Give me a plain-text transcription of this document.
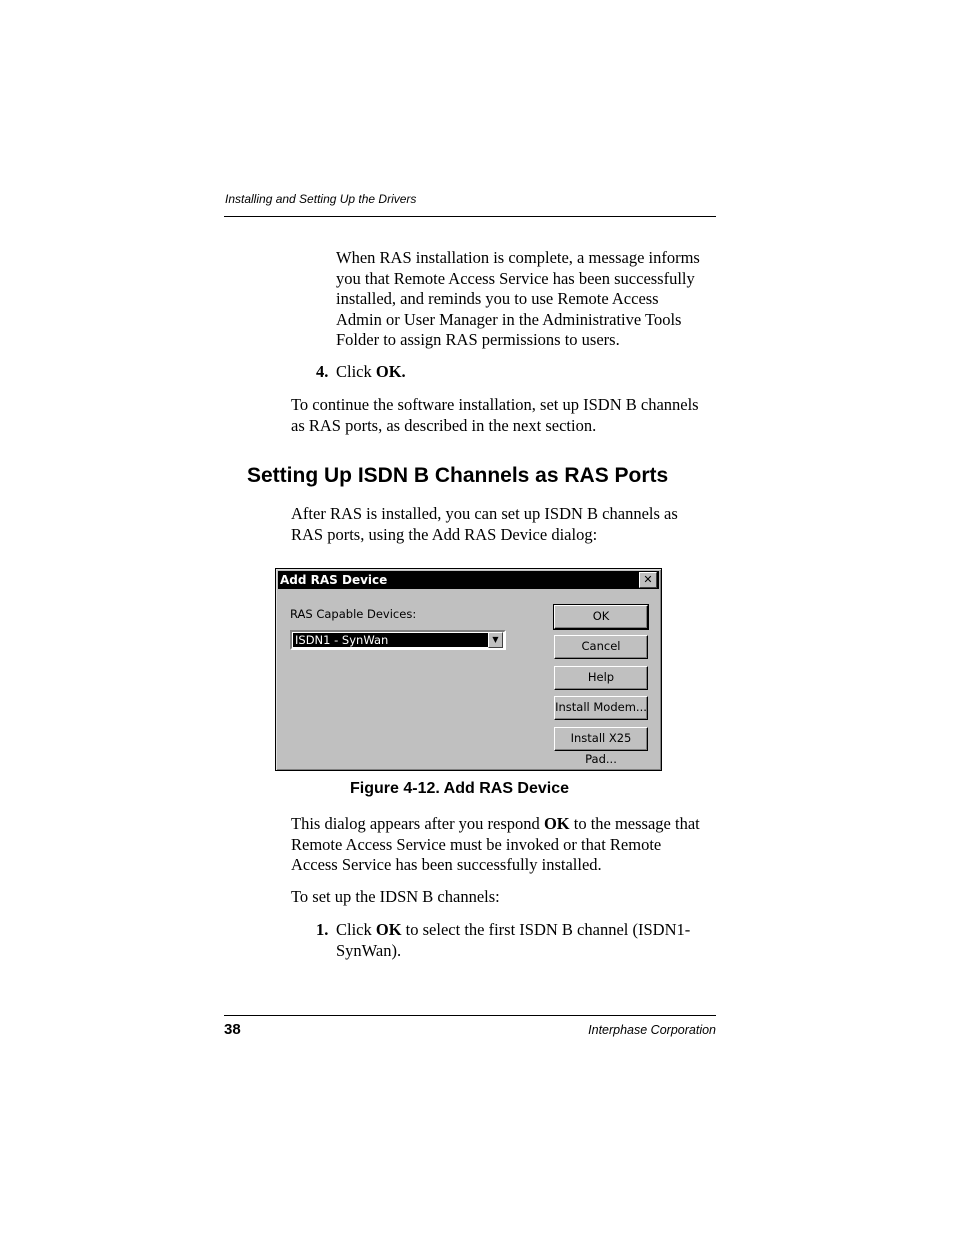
Installing and Setting Up the Drivers
When RAS installation is complete, a message informs
you that Remote Access Service has been successfully
installed, and reminds you to use Remote Access
Admin or User Manager in the Administrative Tools
Folder to assign RAS permissions to users.
4. Click OK.
To continue the software installation, set up ISDN B channels
as RAS ports, as described in the next section.
Setting Up ISDN B Channels as RAS Ports
After RAS is installed, you can set up ISDN B channels as
RAS ports, using the Add RAS Device dialog:
Add RAS Device	✕
RAS Capable Devices:
ISDN1 - SynWan	▼
OK
Cancel
Help
Install Modem...
Install X25 Pad...
Figure 4-12. Add RAS Device
This dialog appears after you respond OK to the message that
Remote Access Service must be invoked or that Remote
Access Service has been successfully installed.
To set up the IDSN B channels:
1. Click OK to select the first ISDN B channel (ISDN1-
SynWan).
38	Interphase Corporation
